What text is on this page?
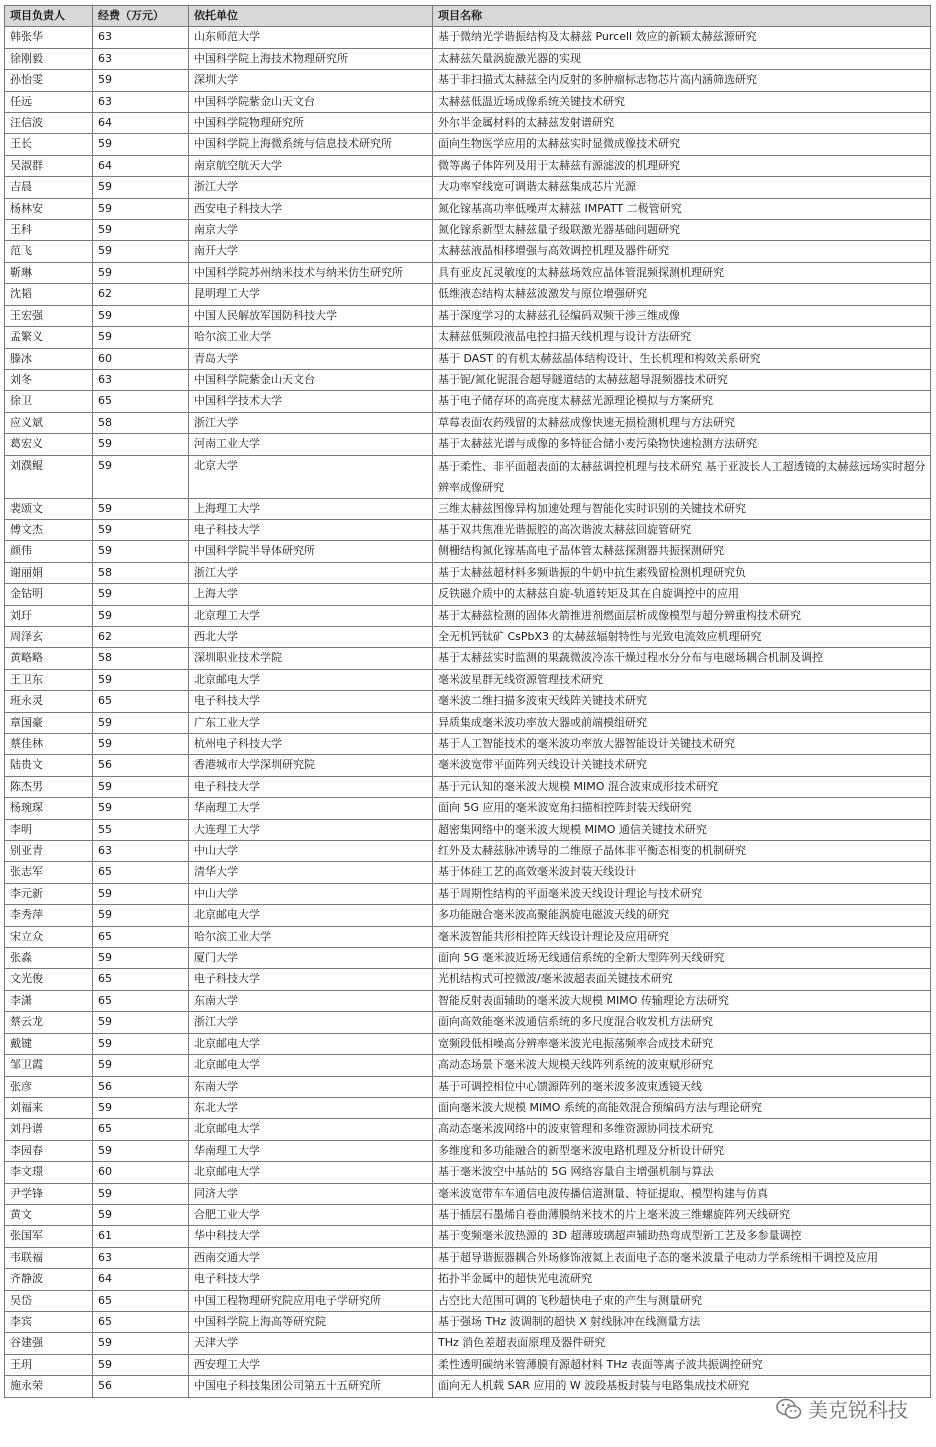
项目负责人	经费（万元）	依托单位	项目名称
韩张华	63	山东师范大学	基于微纳光学谐振结构及太赫兹 Purcell 效应的新颖太赫兹源研究
徐刚毅	63	中国科学院上海技术物理研究所	太赫兹矢量涡旋激光器的实现
孙怡雯	59	深圳大学	基于非扫描式太赫兹全内反射的多肿瘤标志物芯片高内涵筛选研究
任远	63	中国科学院紫金山天文台	太赫兹低温近场成像系统关键技术研究
汪信波	64	中国科学院物理研究所	外尔半金属材料的太赫兹发射谱研究
王长	59	中国科学院上海微系统与信息技术研究所	面向生物医学应用的太赫兹实时显微成像技术研究
吴淑群	64	南京航空航天大学	微等离子体阵列及用于太赫兹有源滤波的机理研究
吉晨	59	浙江大学	大功率窄线宽可调谐太赫兹集成芯片光源
杨林安	59	西安电子科技大学	氮化镓基高功率低噪声太赫兹 IMPATT 二极管研究
王科	59	南京大学	氮化镓系新型太赫兹量子级联激光器基础问题研究
范飞	59	南开大学	太赫兹液晶相移增强与高效调控机理及器件研究
靳琳	59	中国科学院苏州纳米技术与纳米仿生研究所	具有亚皮瓦灵敏度的太赫兹场效应晶体管混频探测机理研究
沈韬	62	昆明理工大学	低维液态结构太赫兹波激发与原位增强研究
王宏强	59	中国人民解放军国防科技大学	基于深度学习的太赫兹孔径编码双频干涉三维成像
孟繁义	59	哈尔滨工业大学	太赫兹低频段液晶电控扫描天线机理与设计方法研究
滕冰	60	青岛大学	基于 DAST 的有机太赫兹晶体结构设计、生长机理和构效关系研究
刘冬	63	中国科学院紫金山天文台	基于铌/氮化铌混合超导隧道结的太赫兹超导混频器技术研究
徐卫	65	中国科学技术大学	基于电子储存环的高亮度太赫兹光源理论模拟与方案研究
应义斌	58	浙江大学	草莓表面农药残留的太赫兹成像快速无损检测机理与方法研究
葛宏义	59	河南工业大学	基于太赫兹光谱与成像的多特征合储小麦污染物快速检测方法研究
刘濮鲲	59	北京大学	基于柔性、非平面超表面的太赫兹调控机理与技术研究 基于亚波长人工超透镜的太赫兹远场实时超分辨率成像研究
裴颂文	59	上海理工大学	三维太赫兹图像异构加速处理与智能化实时识别的关键技术研究
傅文杰	59	电子科技大学	基于双共焦准光谐振腔的高次谐波太赫兹回旋管研究
颜伟	59	中国科学院半导体研究所	侧栅结构氮化镓基高电子晶体管太赫兹探测器共振探测研究
谢丽娟	58	浙江大学	基于太赫兹超材料多频谐振的牛奶中抗生素残留检测机理研究负
金钻明	59	上海大学	反铁磁介质中的太赫兹自旋-轨道转矩及其在自旋调控中的应用
刘玗	59	北京理工大学	基于太赫兹检测的固体火箭推进剂燃面层析成像模型与超分辨重构技术研究
周泽玄	62	西北大学	全无机钙钛矿 CsPbX3 的太赫兹辐射特性与光致电流效应机理研究
黄略略	58	深圳职业技术学院	基于太赫兹实时监测的果蔬微波冷冻干燥过程水分分布与电磁场耦合机制及调控
王卫东	59	北京邮电大学	毫米波星群无线资源管理技术研究
班永灵	65	电子科技大学	毫米波二维扫描多波束天线阵关键技术研究
章国豪	59	广东工业大学	异质集成毫米波功率放大器或前端模组研究
蔡佳林	59	杭州电子科技大学	基于人工智能技术的毫米波功率放大器智能设计关键技术研究
陆贵文	56	香港城市大学深圳研究院	毫米波宽带平面阵列天线设计关键技术研究
陈杰男	59	电子科技大学	基于元认知的毫米波大规模 MIMO 混合波束成形技术研究
杨琬琛	59	华南理工大学	面向 5G 应用的毫米波宽角扫描相控阵封装天线研究
李明	55	大连理工大学	超密集网络中的毫米波大规模 MIMO 通信关键技术研究
别亚青	63	中山大学	红外及太赫兹脉冲诱导的二维原子晶体非平衡态相变的机制研究
张志军	65	清华大学	基于体硅工艺的高效毫米波封装天线设计
李元新	59	中山大学	基于周期性结构的平面毫米波天线设计理论与技术研究
李秀萍	59	北京邮电大学	多功能融合毫米波高聚能涡旋电磁波天线的研究
宋立众	65	哈尔滨工业大学	毫米波智能共形相控阵天线设计理论及应用研究
张淼	59	厦门大学	面向 5G 毫米波近场无线通信系统的全新大型阵列天线研究
文光俊	65	电子科技大学	光机结构式可控微波/毫米波超表面关键技术研究
李潇	65	东南大学	智能反射表面辅助的毫米波大规模 MIMO 传输理论方法研究
蔡云龙	59	浙江大学	面向高效能毫米波通信系统的多尺度混合收发机方法研究
戴键	59	北京邮电大学	宽频段低相噪高分辨率毫米波光电振荡频率合成技术研究
邹卫霞	59	北京邮电大学	高动态场景下毫米波大规模天线阵列系统的波束赋形研究
张彦	56	东南大学	基于可调控相位中心馈源阵列的毫米波多波束透镜天线
刘福来	59	东北大学	面向毫米波大规模 MIMO 系统的高能效混合预编码方法与理论研究
刘丹谱	65	北京邮电大学	高动态毫米波网络中的波束管理和多维资源协同技术研究
李园春	59	华南理工大学	多维度和多功能融合的新型毫米波电路机理及分析设计研究
李文璟	60	北京邮电大学	基于毫米波空中基站的 5G 网络容量自主增强机制与算法
尹学锋	59	同济大学	毫米波宽带车车通信电波传播信道测量、特征提取、模型构建与仿真
黄文	59	合肥工业大学	基于插层石墨烯自卷曲薄膜纳米技术的片上毫米波三维螺旋阵列天线研究
张国军	61	华中科技大学	基于变频毫米波热源的 3D 超薄玻璃超声辅助热弯成型新工艺及多参量调控
韦联福	63	西南交通大学	基于超导谐振器耦合外场修饰液氦上表面电子态的毫米波量子电动力学系统相干调控及应用
齐静波	64	电子科技大学	拓扑半金属中的超快光电流研究
吴岱	65	中国工程物理研究院应用电子学研究所	占空比大范围可调的飞秒超快电子束的产生与测量研究
李宾	65	中国科学院上海高等研究院	基于强场 THz 波调制的超快 X 射线脉冲在线测量方法
谷建强	59	天津大学	THz 消色差超表面原理及器件研究
王玥	59	西安理工大学	柔性透明碳纳米管薄膜有源超材料 THz 表面等离子波共振调控研究
施永荣	56	中国电子科技集团公司第五十五研究所	面向无人机载 SAR 应用的 W 波段基板封装与电路集成技术研究
美克锐科技
